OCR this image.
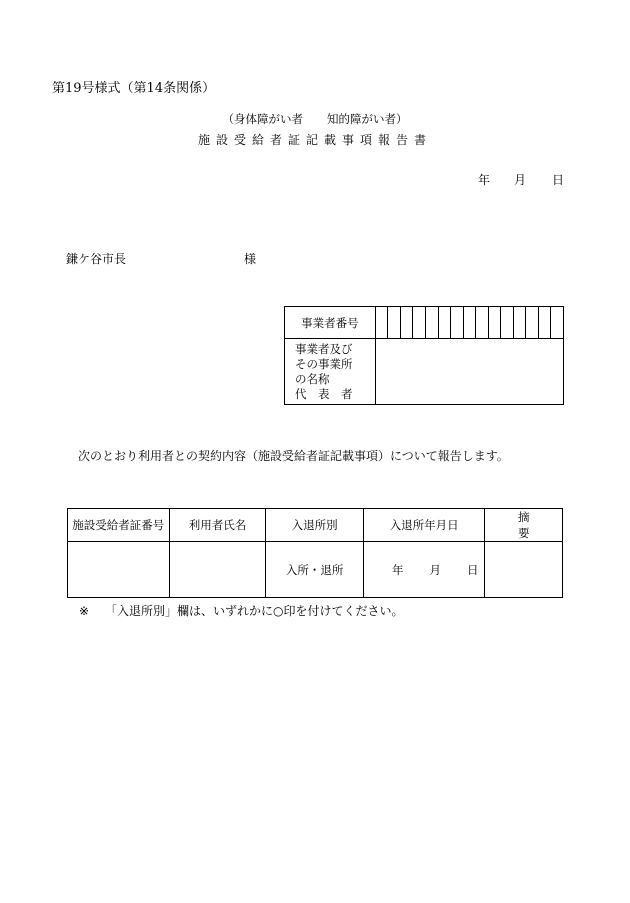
第19号様式（第14条関係）
（身体障がい者 知的障がい者）
施設受給者証記載事項報告書
年 月 日
鎌ケ谷市長	様
事業者番号															

事業者及び
その事業所
の名称
代　表　者															

次のとおり利用者との契約内容（施設受給者証記載事項）について報告します。
施設受給者証番号	利用者氏名	入退所別	入退所年月日	摘要
		入所・退所	年 月 日	
※ 「入退所別」欄は、いずれかに○印を付けてください。
